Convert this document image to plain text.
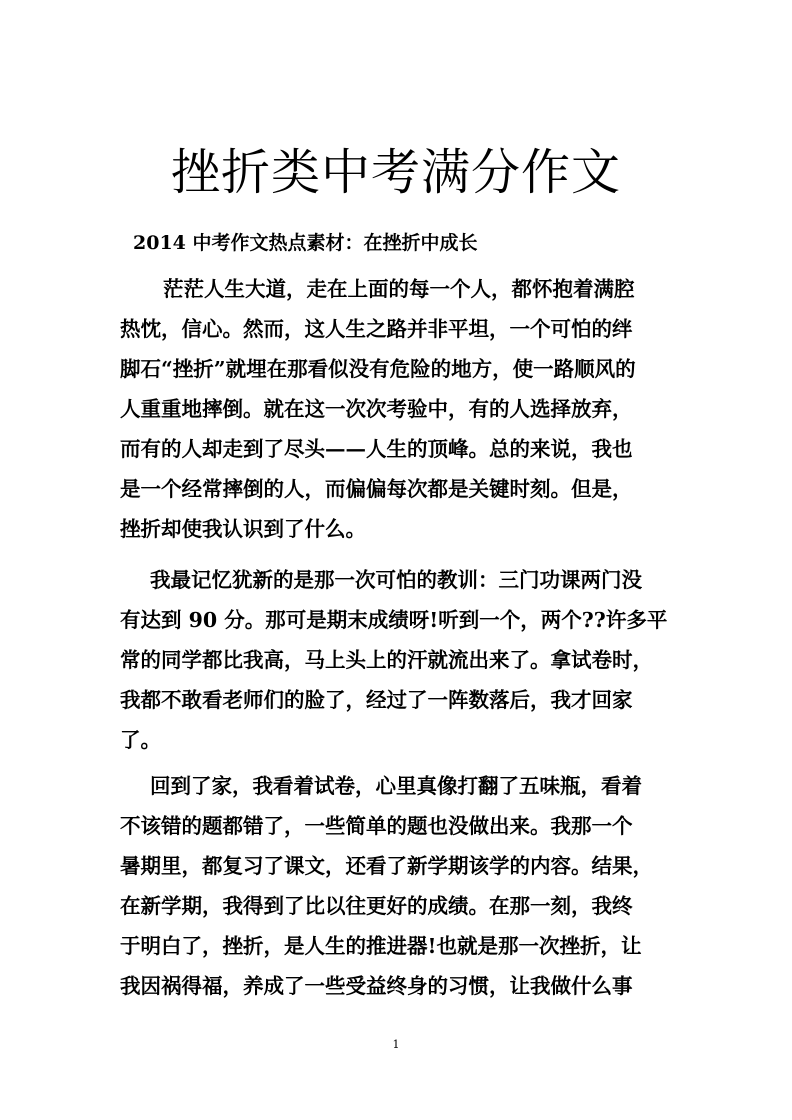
挫折类中考满分作文

2014 中考作文热点素材：在挫折中成长

茫茫人生大道，走在上面的每一个人，都怀抱着满腔

热忱，信心。然而，这人生之路并非平坦，一个可怕的绊

脚石“挫折”就埋在那看似没有危险的地方，使一路顺风的

人重重地摔倒。就在这一次次考验中，有的人选择放弃，

而有的人却走到了尽头——人生的顶峰。总的来说，我也

是一个经常摔倒的人，而偏偏每次都是关键时刻。但是，

挫折却使我认识到了什么。

我最记忆犹新的是那一次可怕的教训：三门功课两门没

有达到 90 分。那可是期末成绩呀!听到一个，两个??许多平

常的同学都比我高，马上头上的汗就流出来了。拿试卷时，

我都不敢看老师们的脸了，经过了一阵数落后，我才回家

了。

回到了家，我看着试卷，心里真像打翻了五味瓶，看着

不该错的题都错了，一些简单的题也没做出来。我那一个

暑期里，都复习了课文，还看了新学期该学的内容。结果，

在新学期，我得到了比以往更好的成绩。在那一刻，我终

于明白了，挫折，是人生的推进器!也就是那一次挫折，让

我因祸得福，养成了一些受益终身的习惯，让我做什么事

1
